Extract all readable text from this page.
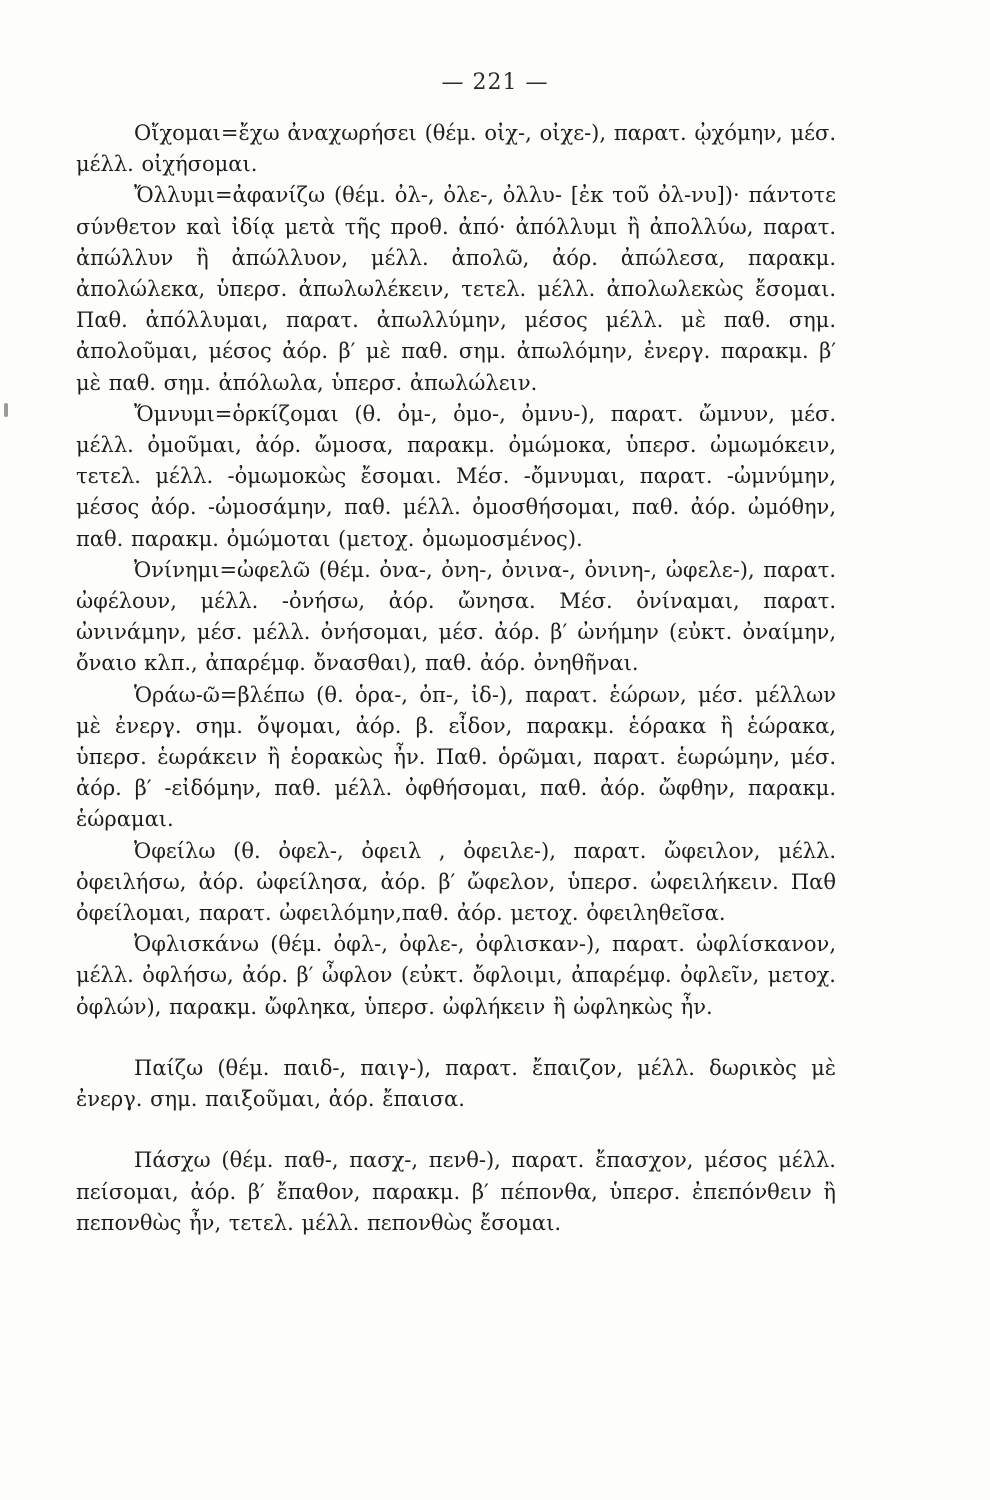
— 221 —

Οἴχομαι=ἔχω ἀναχωρήσει (θέμ. οἰχ-, οἰχε-), παρατ. ᾠχόμην, μέσ. μέλλ. οἰχήσομαι.

Ὄλλυμι=ἀφανίζω (θέμ. ὀλ-, ὀλε-, ὀλλυ- [ἐκ τοῦ ὀλ-νυ])· πάντοτε σύνθετον καὶ ἰδίᾳ μετὰ τῆς προθ. ἀπό· ἀπόλλυμι ἢ ἀπολλύω, παρατ. ἀπώλλυν ἢ ἀπώλλυον, μέλλ. ἀπολῶ, ἀόρ. ἀπώλεσα, παρακμ. ἀπολώλεκα, ὑπερσ. ἀπωλωλέκειν, τετελ. μέλλ. ἀπολωλεκὼς ἔσομαι. Παθ. ἀπόλλυμαι, παρατ. ἀπωλλύμην, μέσος μέλλ. μὲ παθ. σημ. ἀπολοῦμαι, μέσος ἀόρ. β′ μὲ παθ. σημ. ἀπωλόμην, ἐνεργ. παρακμ. β′ μὲ παθ. σημ. ἀπόλωλα, ὑπερσ. ἀπωλώλειν.

Ὄμνυμι=ὁρκίζομαι (θ. ὀμ-, ὀμο-, ὀμνυ-), παρατ. ὤμνυν, μέσ. μέλλ. ὀμοῦμαι, ἀόρ. ὤμοσα, παρακμ. ὀμώμοκα, ὑπερσ. ὠμωμόκειν, τετελ. μέλλ. -ὀμωμοκὼς ἔσομαι. Μέσ. -ὄμνυμαι, παρατ. -ὠμνύμην, μέσος ἀόρ. -ὠμοσάμην, παθ. μέλλ. ὀμοσθήσομαι, παθ. ἀόρ. ὠμόθην, παθ. παρακμ. ὀμώμοται (μετοχ. ὀμωμοσμένος).

Ὀνίνημι=ὠφελῶ (θέμ. ὀνα-, ὀνη-, ὀνινα-, ὀνινη-, ὠφελε-), παρατ. ὠφέλουν, μέλλ. -ὀνήσω, ἀόρ. ὤνησα. Μέσ. ὀνίναμαι, παρατ. ὠνινάμην, μέσ. μέλλ. ὀνήσομαι, μέσ. ἀόρ. β′ ὠνήμην (εὐκτ. ὀναίμην, ὄναιο κλπ., ἀπαρέμφ. ὄνασθαι), παθ. ἀόρ. ὀνηθῆναι.

Ὁράω-ῶ=βλέπω (θ. ὁρα-, ὀπ-, ἰδ-), παρατ. ἑώρων, μέσ. μέλλων μὲ ἐνεργ. σημ. ὄψομαι, ἀόρ. β. εἶδον, παρακμ. ἑόρακα ἢ ἑώρακα, ὑπερσ. ἑωράκειν ἢ ἑορακὼς ἦν. Παθ. ὁρῶμαι, παρατ. ἑωρώμην, μέσ. ἀόρ. β′ -εἰδόμην, παθ. μέλλ. ὀφθήσομαι, παθ. ἀόρ. ὤφθην, παρακμ. ἑώραμαι.

Ὀφείλω (θ. ὀφελ-, ὀφειλ , ὀφειλε-), παρατ. ὤφειλον, μέλλ. ὀφειλήσω, ἀόρ. ὠφείλησα, ἀόρ. β′ ὤφελον, ὑπερσ. ὠφειλήκειν. Παθ ὀφείλομαι, παρατ. ὠφειλόμην,παθ. ἀόρ. μετοχ. ὀφειληθεῖσα.

Ὀφλισκάνω (θέμ. ὀφλ-, ὀφλε-, ὀφλισκαν-), παρατ. ὠφλίσκανον, μέλλ. ὀφλήσω, ἀόρ. β′ ὦφλον (εὐκτ. ὄφλοιμι, ἀπαρέμφ. ὀφλεῖν, μετοχ. ὀφλών), παρακμ. ὤφληκα, ὑπερσ. ὠφλήκειν ἢ ὠφληκὼς ἦν.

Παίζω (θέμ. παιδ-, παιγ-), παρατ. ἔπαιζον, μέλλ. δωρικὸς μὲ ἐνεργ. σημ. παιξοῦμαι, ἀόρ. ἔπαισα.

Πάσχω (θέμ. παθ-, πασχ-, πενθ-), παρατ. ἔπασχον, μέσος μέλλ. πείσομαι, ἀόρ. β′ ἔπαθον, παρακμ. β′ πέπονθα, ὑπερσ. ἐπεπόνθειν ἢ πεπονθὼς ἦν, τετελ. μέλλ. πεπονθὼς ἔσομαι.
